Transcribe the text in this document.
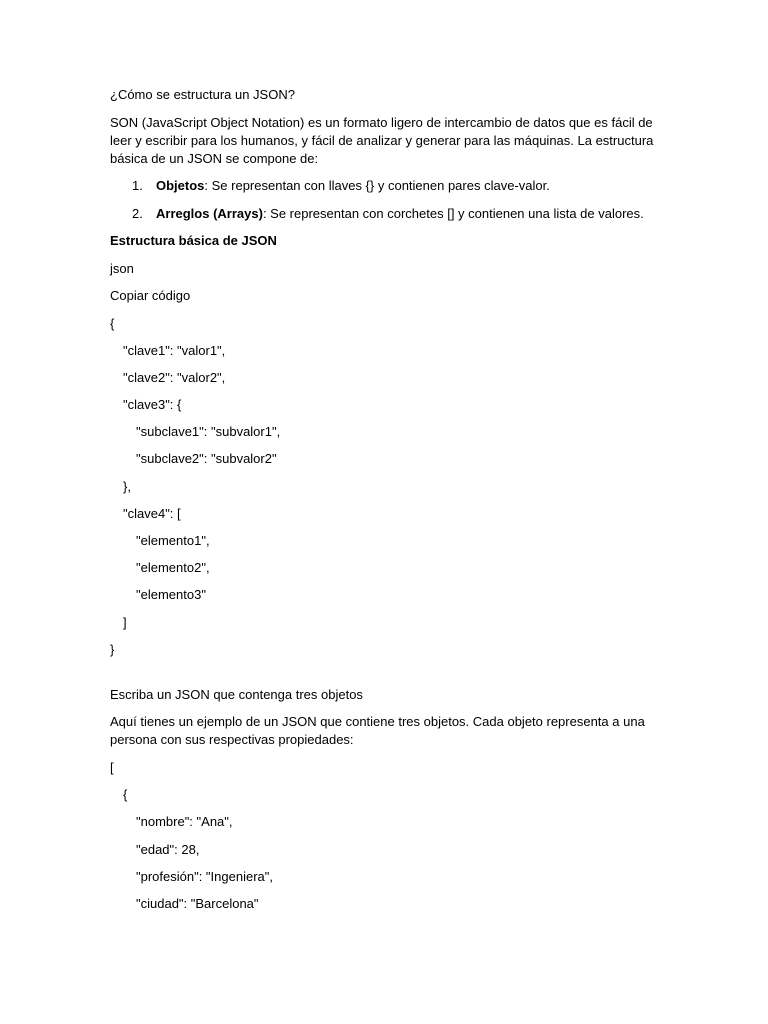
¿Cómo se estructura un JSON?

SON (JavaScript Object Notation) es un formato ligero de intercambio de datos que es fácil de leer y escribir para los humanos, y fácil de analizar y generar para las máquinas. La estructura básica de un JSON se compone de:

1. Objetos: Se representan con llaves {} y contienen pares clave-valor.
2. Arreglos (Arrays): Se representan con corchetes [] y contienen una lista de valores.

Estructura básica de JSON

json

Copiar código

{
"clave1": "valor1",
"clave2": "valor2",
"clave3": {
"subclave1": "subvalor1",
"subclave2": "subvalor2"
},
"clave4": [
"elemento1",
"elemento2",
"elemento3"
]
}

Escriba un JSON que contenga tres objetos

Aquí tienes un ejemplo de un JSON que contiene tres objetos. Cada objeto representa a una persona con sus respectivas propiedades:

[
{
"nombre": "Ana",
"edad": 28,
"profesión": "Ingeniera",
"ciudad": "Barcelona"
